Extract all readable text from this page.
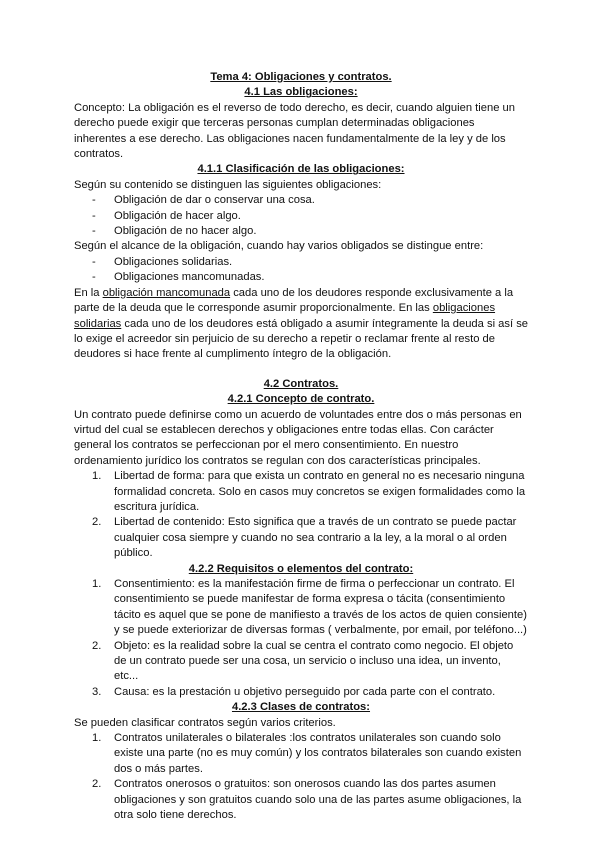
Tema 4: Obligaciones y contratos.

4.1 Las obligaciones:

Concepto: La obligación es el reverso de todo derecho, es decir, cuando alguien tiene un derecho puede exigir que terceras personas cumplan determinadas obligaciones inherentes a ese derecho. Las obligaciones nacen fundamentalmente de la ley y de los contratos.

4.1.1 Clasificación de las obligaciones:

Según su contenido se distinguen las siguientes obligaciones:

- Obligación de dar o conservar una cosa.
- Obligación de hacer algo.
- Obligación de no hacer algo.

Según el alcance de la obligación, cuando hay varios obligados se distingue entre:

- Obligaciones solidarias.
- Obligaciones mancomunadas.

En la obligación mancomunada cada uno de los deudores responde exclusivamente a la parte de la deuda que le corresponde asumir proporcionalmente. En las obligaciones solidarias cada uno de los deudores está obligado a asumir íntegramente la deuda si así se lo exige el acreedor sin perjuicio de su derecho a repetir o reclamar frente al resto de deudores si hace frente al cumplimento íntegro de la obligación.

4.2 Contratos.

4.2.1 Concepto de contrato.

Un contrato puede definirse como un acuerdo de voluntades entre dos o más personas en virtud del cual se establecen derechos y obligaciones entre todas ellas. Con carácter general los contratos se perfeccionan por el mero consentimiento. En nuestro ordenamiento jurídico los contratos se regulan con dos características principales.

1. Libertad de forma: para que exista un contrato en general no es necesario ninguna formalidad concreta. Solo en casos muy concretos se exigen formalidades como la escritura jurídica.
2. Libertad de contenido: Esto significa que a través de un contrato se puede pactar cualquier cosa siempre y cuando no sea contrario a la ley, a la moral o al orden público.

4.2.2 Requisitos o elementos del contrato:

1. Consentimiento: es la manifestación firme de firma o perfeccionar un contrato. El consentimiento se puede manifestar de forma expresa o tácita (consentimiento tácito es aquel que se pone de manifiesto a través de los actos de quien consiente) y se puede exteriorizar de diversas formas ( verbalmente, por email, por teléfono...)
2. Objeto: es la realidad sobre la cual se centra el contrato como negocio. El objeto de un contrato puede ser una cosa, un servicio o incluso una idea, un invento, etc...
3. Causa: es la prestación u objetivo perseguido por cada parte con el contrato.

4.2.3 Clases de contratos:

Se pueden clasificar contratos según varios criterios.

1. Contratos unilaterales o bilaterales :los contratos unilaterales son cuando solo existe una parte (no es muy común) y los contratos bilaterales son cuando existen dos o más partes.
2. Contratos onerosos o gratuitos: son onerosos cuando las dos partes asumen obligaciones y son gratuitos cuando solo una de las partes asume obligaciones, la otra solo tiene derechos.
